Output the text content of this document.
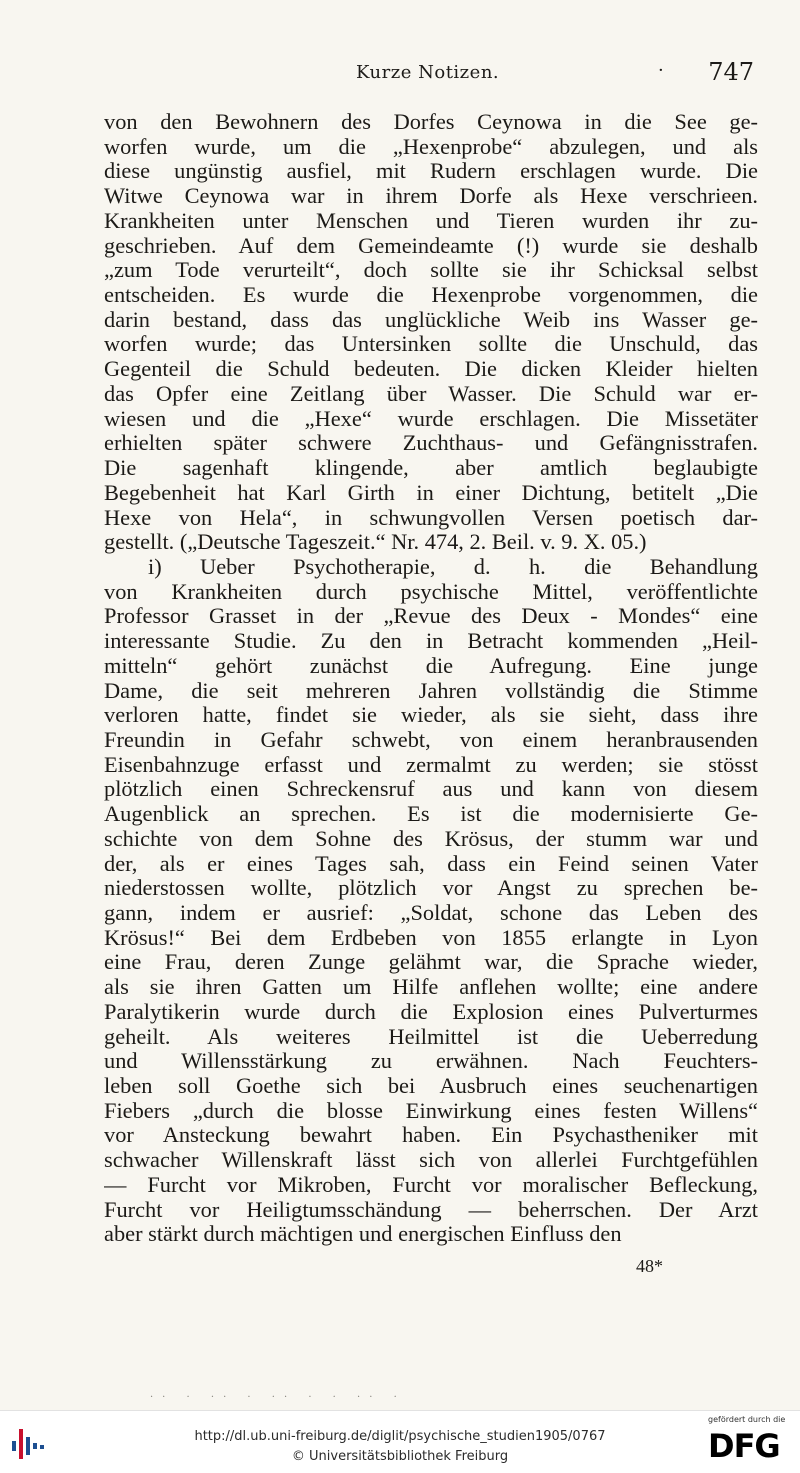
Kurze Notizen.	· 747
von den Bewohnern des Dorfes Ceynowa in die See ge-
worfen wurde, um die „Hexenprobe“ abzulegen, und als
diese ungünstig ausfiel, mit Rudern erschlagen wurde. Die
Witwe Ceynowa war in ihrem Dorfe als Hexe verschrieen.
Krankheiten unter Menschen und Tieren wurden ihr zu-
geschrieben. Auf dem Gemeindeamte (!) wurde sie deshalb
„zum Tode verurteilt“, doch sollte sie ihr Schicksal selbst
entscheiden. Es wurde die Hexenprobe vorgenommen, die
darin bestand, dass das unglückliche Weib ins Wasser ge-
worfen wurde; das Untersinken sollte die Unschuld, das
Gegenteil die Schuld bedeuten. Die dicken Kleider hielten
das Opfer eine Zeitlang über Wasser. Die Schuld war er-
wiesen und die „Hexe“ wurde erschlagen. Die Missetäter
erhielten später schwere Zuchthaus- und Gefängnisstrafen.
Die sagenhaft klingende, aber amtlich beglaubigte
Begebenheit hat Karl Girth in einer Dichtung, betitelt „Die
Hexe von Hela“, in schwungvollen Versen poetisch dar-
gestellt. („Deutsche Tageszeit.“ Nr. 474, 2. Beil. v. 9. X. 05.)
i) Ueber Psychotherapie, d. h. die Behandlung
von Krankheiten durch psychische Mittel, veröffentlichte
Professor Grasset in der „Revue des Deux - Mondes“ eine
interessante Studie. Zu den in Betracht kommenden „Heil-
mitteln“ gehört zunächst die Aufregung. Eine junge
Dame, die seit mehreren Jahren vollständig die Stimme
verloren hatte, findet sie wieder, als sie sieht, dass ihre
Freundin in Gefahr schwebt, von einem heranbrausenden
Eisenbahnzuge erfasst und zermalmt zu werden; sie stösst
plötzlich einen Schreckensruf aus und kann von diesem
Augenblick an sprechen. Es ist die modernisierte Ge-
schichte von dem Sohne des Krösus, der stumm war und
der, als er eines Tages sah, dass ein Feind seinen Vater
niederstossen wollte, plötzlich vor Angst zu sprechen be-
gann, indem er ausrief: „Soldat, schone das Leben des
Krösus!“ Bei dem Erdbeben von 1855 erlangte in Lyon
eine Frau, deren Zunge gelähmt war, die Sprache wieder,
als sie ihren Gatten um Hilfe anflehen wollte; eine andere
Paralytikerin wurde durch die Explosion eines Pulverturmes
geheilt. Als weiteres Heilmittel ist die Ueberredung
und Willensstärkung zu erwähnen. Nach Feuchters-
leben soll Goethe sich bei Ausbruch eines seuchenartigen
Fiebers „durch die blosse Einwirkung eines festen Willens“
vor Ansteckung bewahrt haben. Ein Psychastheniker mit
schwacher Willenskraft lässt sich von allerlei Furchtgefühlen
— Furcht vor Mikroben, Furcht vor moralischer Befleckung,
Furcht vor Heiligtumsschändung — beherrschen. Der Arzt
aber stärkt durch mächtigen und energischen Einfluss den
48*
·· · ·· · ·· · · ·· ·
http://dl.ub.uni-freiburg.de/diglit/psychische_studien1905/0767
© Universitätsbibliothek Freiburg
gefördert durch die
DFG
